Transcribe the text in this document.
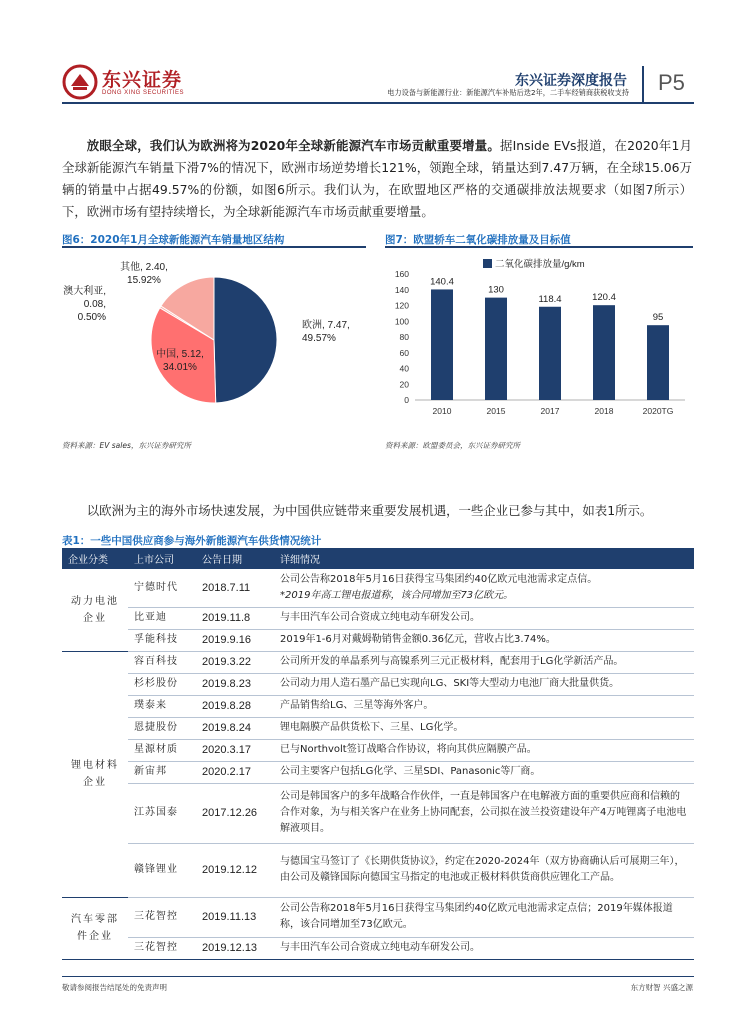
东兴证券
DONG XING SECURITIES
东兴证券深度报告
电力设备与新能源行业：新能源汽车补贴后迭2年，二手车经销商获税收支持 P5
放眼全球，我们认为欧洲将为2020年全球新能源汽车市场贡献重要增量。据Inside EVs报道，在2020年1月全球新能源汽车销量下滑7%的情况下，欧洲市场逆势增长121%，领跑全球，销量达到7.47万辆，在全球15.06万辆的销量中占据49.57%的份额，如图6所示。我们认为，在欧盟地区严格的交通碳排放法规要求（如图7所示）下，欧洲市场有望持续增长，为全球新能源汽车市场贡献重要增量。
图6：2020年1月全球新能源汽车销量地区结构
欧洲, 7.47, 49.57%
中国, 5.12, 34.01%
澳大利亚, 0.08, 0.50%
其他, 2.40, 15.92%
资料来源：EV sales，东兴证券研究所
图7：欧盟轿车二氧化碳排放量及目标值
0
20
40
60
80
100
120
140
160
2010	2015	2017	2018	2020TG
140.4
130
118.4	120.4
95
二氧化碳排放量/g/km
资料来源：欧盟委员会，东兴证券研究所
以欧洲为主的海外市场快速发展，为中国供应链带来重要发展机遇，一些企业已参与其中，如表1所示。
表1：一些中国供应商参与海外新能源汽车供货情况统计
企业分类	上市公司	公告日期	详细情况
动力电池企业	宁德时代	2018.7.11	公司公告称2018年5月16日获得宝马集团约40亿欧元电池需求定点信。
*2019年高工锂电报道称，该合同增加至73亿欧元。

	比亚迪	2019.11.8	与丰田汽车公司合资成立纯电动车研发公司。
	孚能科技	2019.9.16	2019年1-6月对戴姆勒销售金额0.36亿元，营收占比3.74%。
锂电材料企业	容百科技	2019.3.22	公司所开发的单晶系列与高镍系列三元正极材料，配套用于LG化学新活产品。
	杉杉股份	2019.8.23	公司动力用人造石墨产品已实现向LG、SKI等大型动力电池厂商大批量供货。
	璞泰来	2019.8.28	产品销售给LG、三星等海外客户。
	恩捷股份	2019.8.24	锂电隔膜产品供货松下、三星、LG化学。
	星源材质	2020.3.17	已与Northvolt签订战略合作协议，将向其供应隔膜产品。
	新宙邦	2020.2.17	公司主要客户包括LG化学、三星SDI、Panasonic等厂商。
	江苏国泰	2017.12.26	公司是韩国客户的多年战略合作伙伴，一直是韩国客户在电解液方面的重要供应商和信赖的合作对象，为与相关客户在业务上协同配套，公司拟在波兰投资建设年产4万吨锂离子电池电解液项目。
	赣锋锂业	2019.12.12	与德国宝马签订了《长期供货协议》，约定在2020-2024年（双方协商确认后可展期三年），由公司及赣锋国际向德国宝马指定的电池或正极材料供货商供应锂化工产品。
汽车零部件企业	三花智控	2019.11.13	公司公告称2018年5月16日获得宝马集团约40亿欧元电池需求定点信；2019年媒体报道称，该合同增加至73亿欧元。
	三花智控	2019.12.13	与丰田汽车公司合资成立纯电动车研发公司。
敬请参阅报告结尾处的免责声明	东方财智 兴盛之源
